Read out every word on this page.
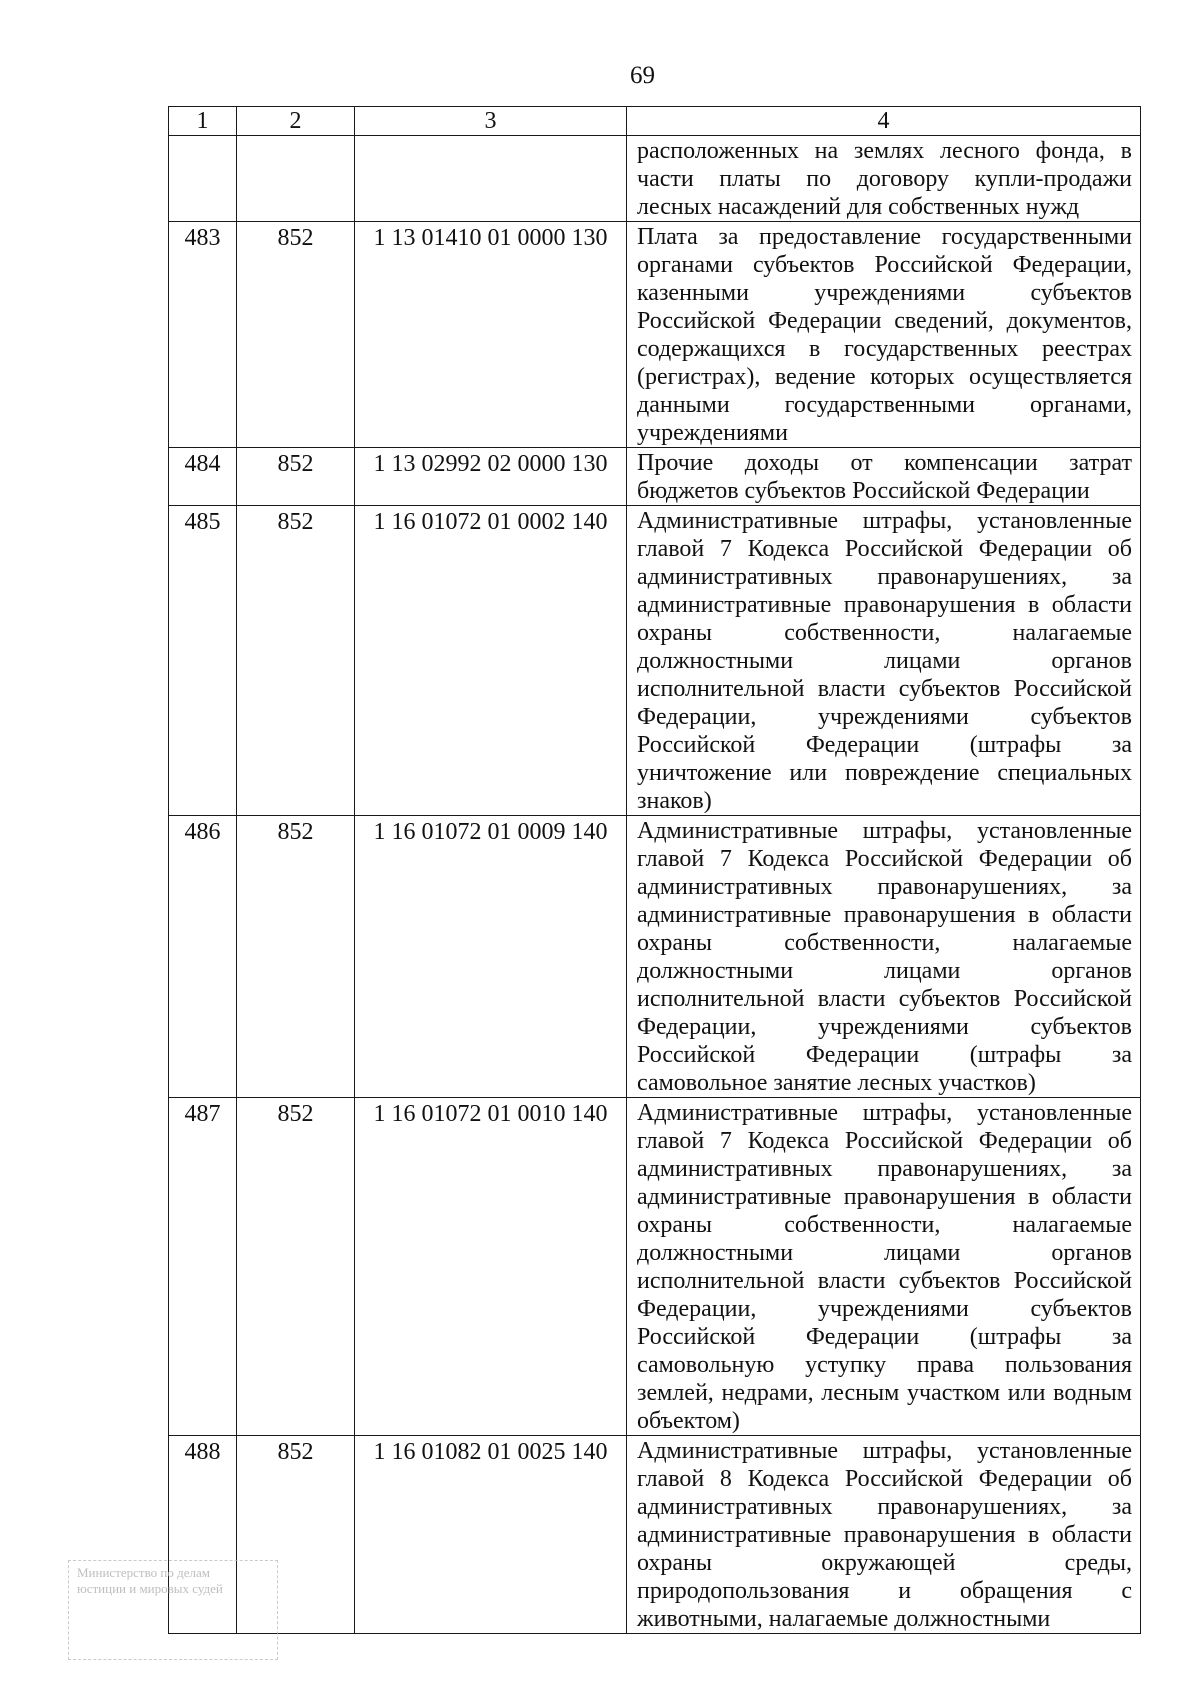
69
1	2	3	4
			расположенных на землях лесного фонда, в части платы по договору купли-продажи лесных насаждений для собственных нужд
483	852	1 13 01410 01 0000 130	Плата за предоставление государственными органами субъектов Российской Федерации, казенными учреждениями субъектов Российской Федерации сведений, документов, содержащихся в государственных реестрах (регистрах), ведение которых осуществляется данными государственными органами, учреждениями
484	852	1 13 02992 02 0000 130	Прочие доходы от компенсации затрат бюджетов субъектов Российской Федерации
485	852	1 16 01072 01 0002 140	Административные штрафы, установленные главой 7 Кодекса Российской Федерации об административных правонарушениях, за административные правонарушения в области охраны собственности, налагаемые должностными лицами органов исполнительной власти субъектов Российской Федерации, учреждениями субъектов Российской Федерации (штрафы за уничтожение или повреждение специальных знаков)
486	852	1 16 01072 01 0009 140	Административные штрафы, установленные главой 7 Кодекса Российской Федерации об административных правонарушениях, за административные правонарушения в области охраны собственности, налагаемые должностными лицами органов исполнительной власти субъектов Российской Федерации, учреждениями субъектов Российской Федерации (штрафы за самовольное занятие лесных участков)
487	852	1 16 01072 01 0010 140	Административные штрафы, установленные главой 7 Кодекса Российской Федерации об административных правонарушениях, за административные правонарушения в области охраны собственности, налагаемые должностными лицами органов исполнительной власти субъектов Российской Федерации, учреждениями субъектов Российской Федерации (штрафы за самовольную уступку права пользования землей, недрами, лесным участком или водным объектом)
488	852	1 16 01082 01 0025 140	Административные штрафы, установленные главой 8 Кодекса Российской Федерации об административных правонарушениях, за административные правонарушения в области охраны окружающей среды, природопользования и обращения с животными, налагаемые должностными
Министерство по делам
юстиции и мировых судей
